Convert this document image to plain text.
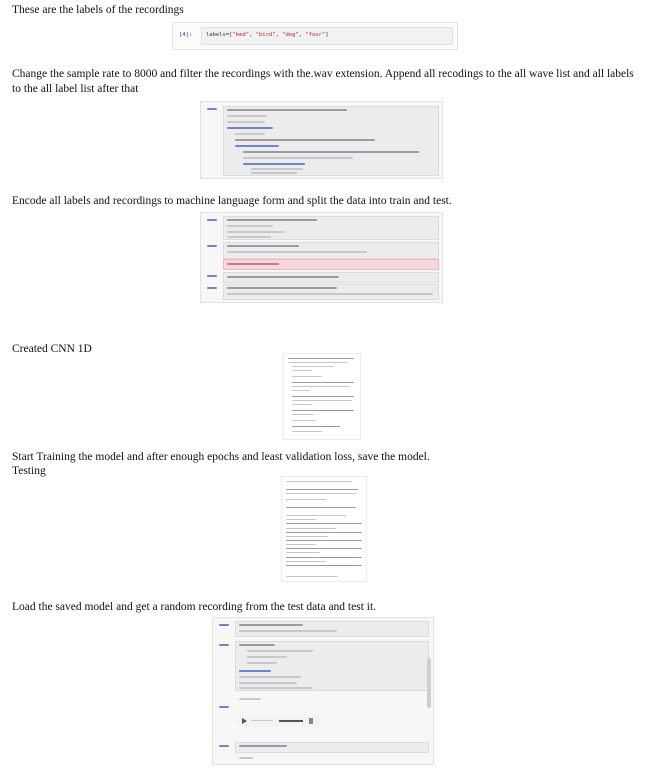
These are the labels of the recordings
[4]:	labels=["bed", "bird", "dog", "four"]
Change the sample rate to 8000 and filter the recordings with the.wav extension. Append all recodings to the all wave list and all labels to the all label list after that
Encode all labels and recordings to machine language form and split the data into train and test.
Created CNN 1D
Start Training the model and after enough epochs and least validation loss, save the model.
Testing
Load the saved model and get a random recording from the test data and test it.
